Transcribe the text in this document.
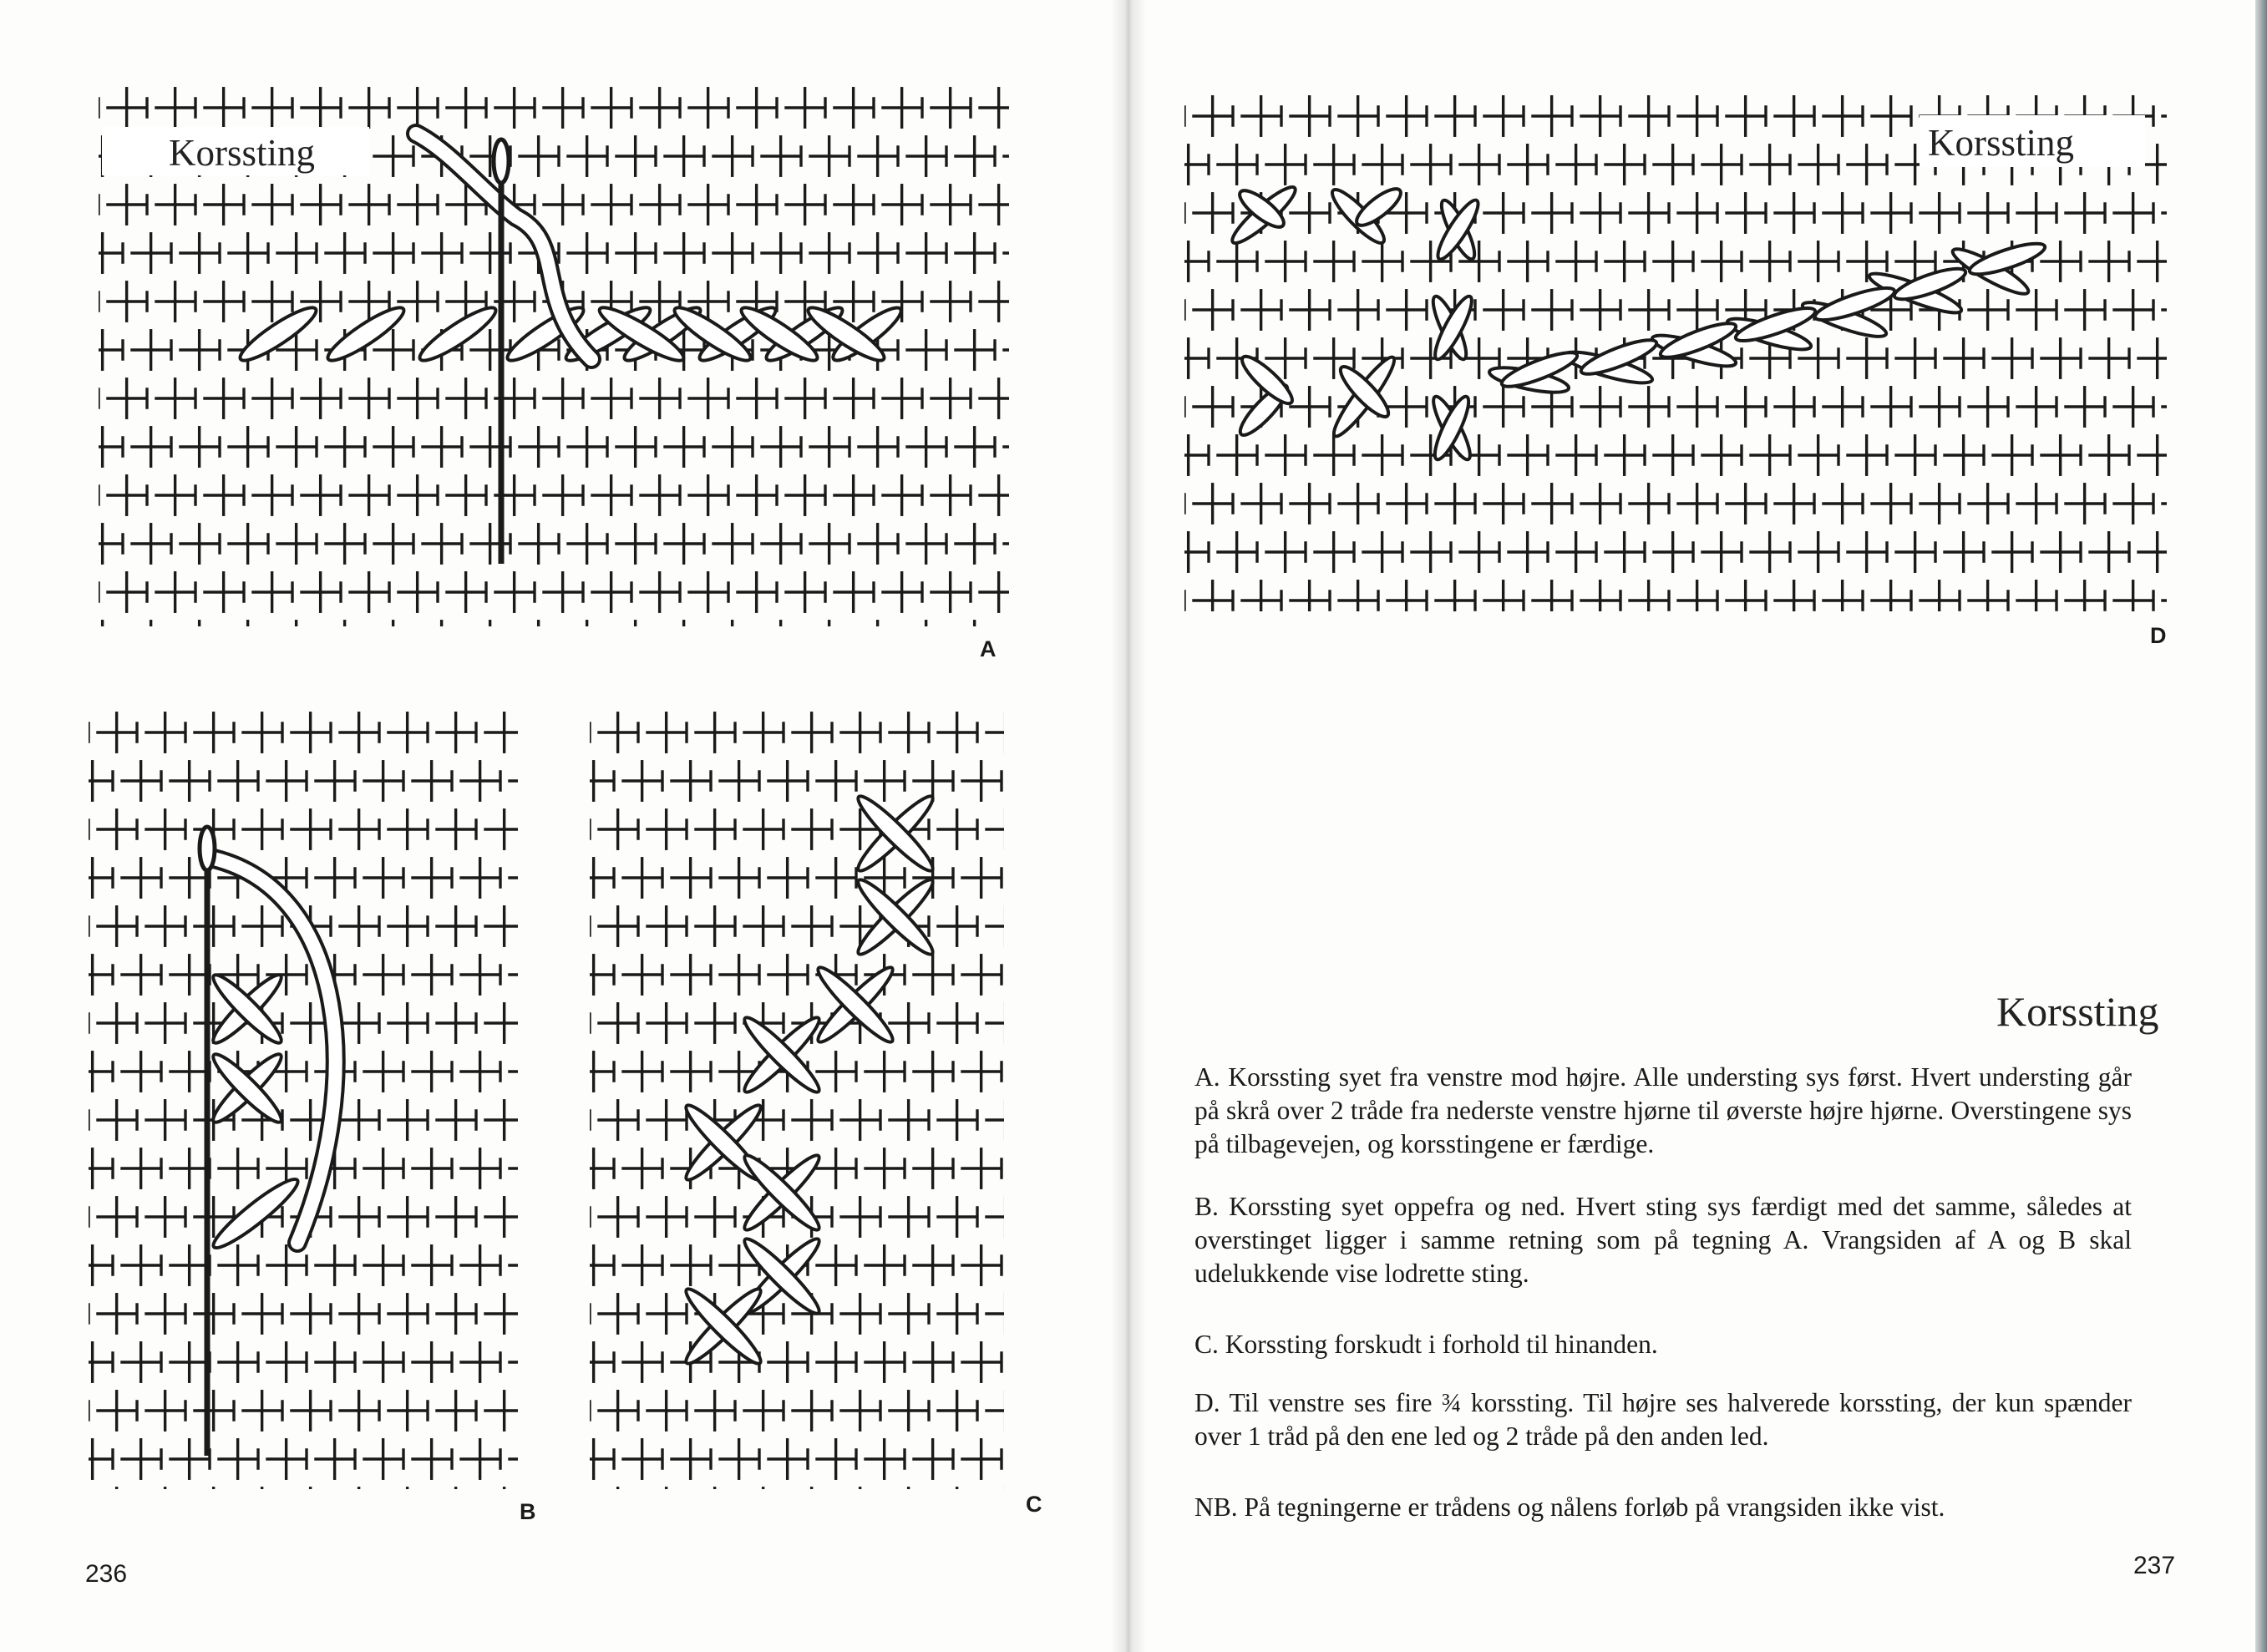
Korssting
A
B	C
Korssting
D
236	237
Korssting

A. Korssting syet fra venstre mod højre. Alle understing sys først. Hvert understing går på skrå over 2 tråde fra nederste venstre hjørne til øverste højre hjørne. Overstingene sys på tilbagevejen, og korsstingene er færdige.

B. Korssting syet oppefra og ned. Hvert sting sys færdigt med det samme, således at overstinget ligger i samme retning som på tegning A. Vrangsiden af A og B skal udelukkende vise lodrette sting.

C. Korssting forskudt i forhold til hinanden.

D. Til venstre ses fire ¾ korssting. Til højre ses halverede korssting, der kun spænder over 1 tråd på den ene led og 2 tråde på den anden led.

NB. På tegningerne er trådens og nålens forløb på vrangsiden ikke vist.
